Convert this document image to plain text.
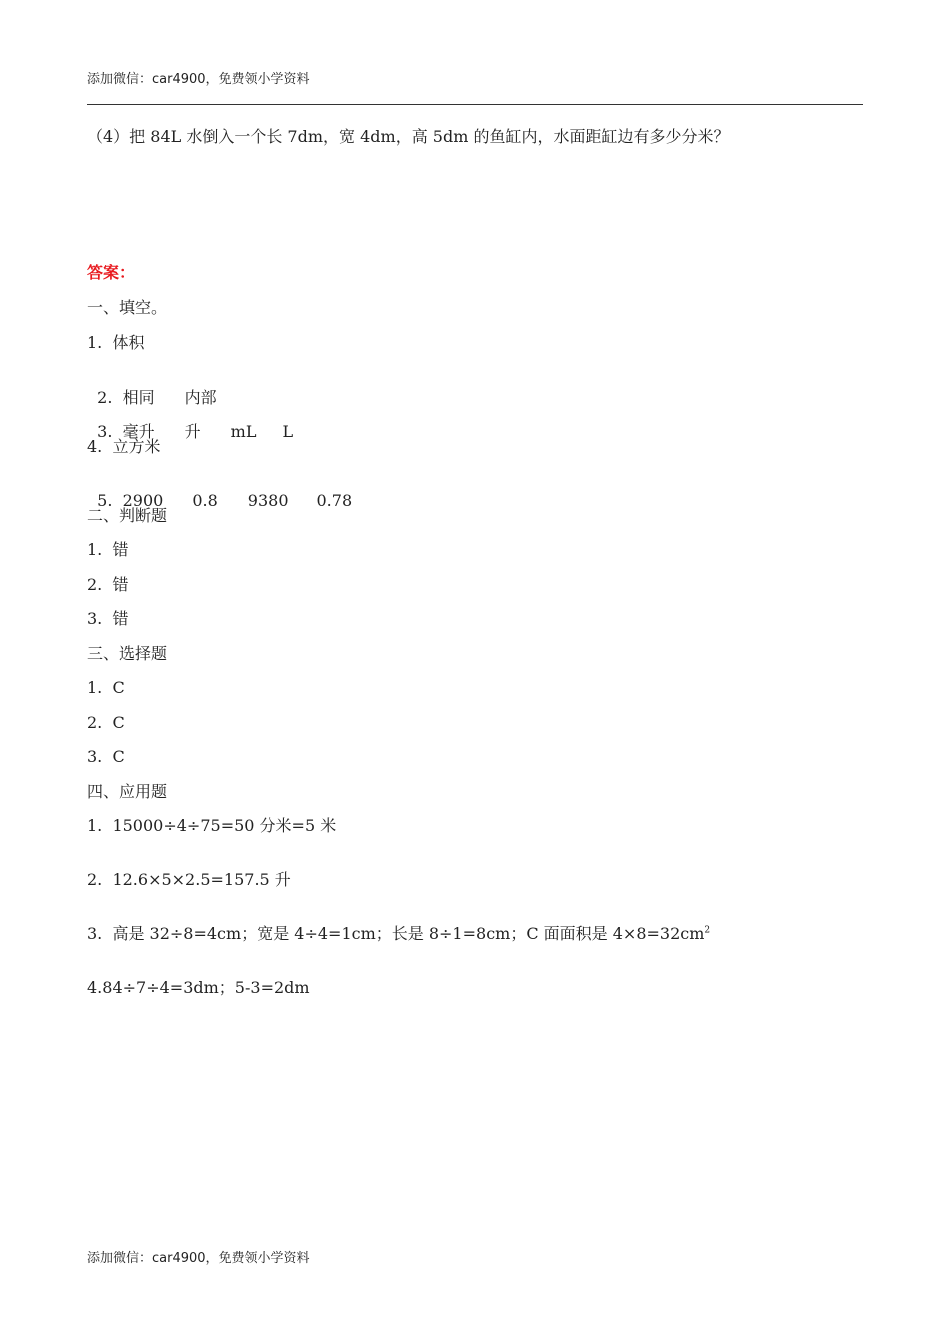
添加微信：car4900，免费领小学资料
（4）把 84L 水倒入一个长 7dm，宽 4dm，高 5dm 的鱼缸内，水面距缸边有多少分米？
答案：
一、填空。
1.  体积

2.  相同 内部

3.  毫升 升 mL L

4.  立方米

5.  2900 0.8 9380 0.78

二、判断题
1.  错
2.  错
3.  错
三、选择题
1.  C
2.  C
3.  C
四、应用题
1.  15000÷4÷75=50 分米=5 米
2.  12.6×5×2.5=157.5 升
3.  高是 32÷8=4cm；宽是 4÷4=1cm；长是 8÷1=8cm；C 面面积是 $4\times 8=32cm^2$
4.84÷7÷4=3dm；5-3=2dm
添加微信：car4900，免费领小学资料
